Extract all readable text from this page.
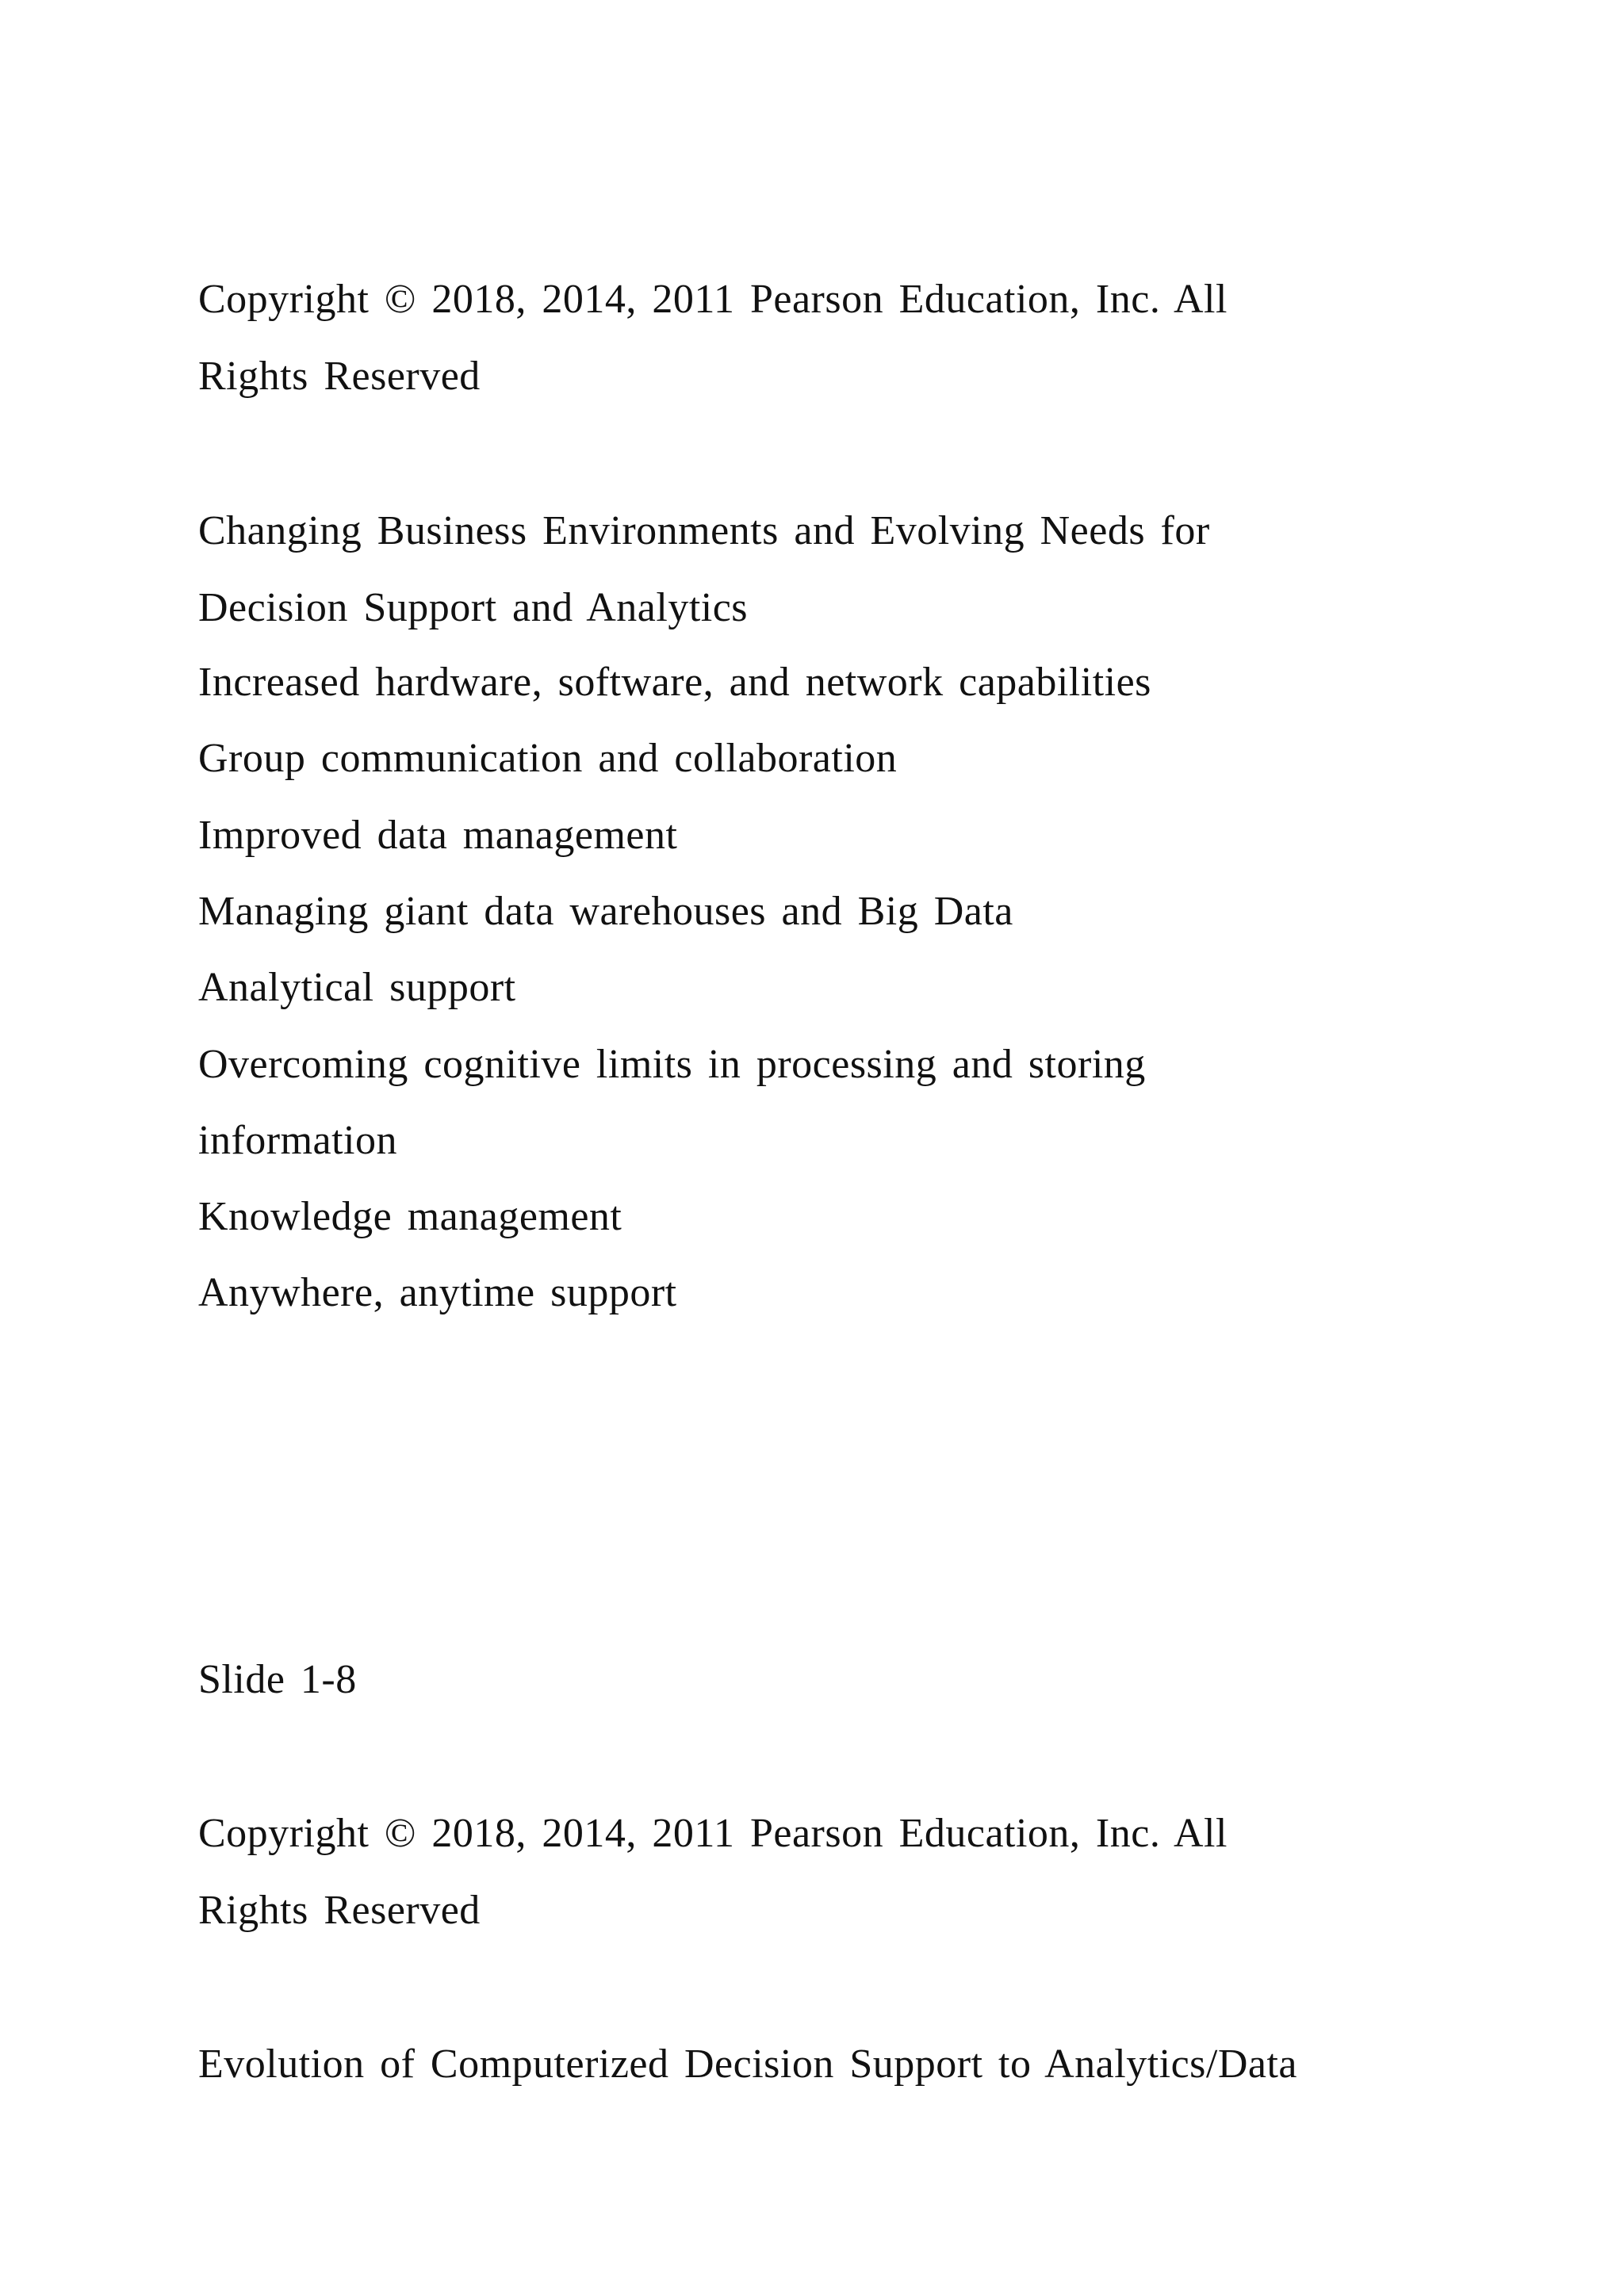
Copyright © 2018, 2014, 2011 Pearson Education, Inc. All

Rights Reserved

Changing Business Environments and Evolving Needs for

Decision Support and Analytics

Increased hardware, software, and network capabilities

Group communication and collaboration

Improved data management

Managing giant data warehouses and Big Data

Analytical support

Overcoming cognitive limits in processing and storing

information

Knowledge management

Anywhere, anytime support

Slide 1-8

Copyright © 2018, 2014, 2011 Pearson Education, Inc. All

Rights Reserved

Evolution of Computerized Decision Support to Analytics/Data
